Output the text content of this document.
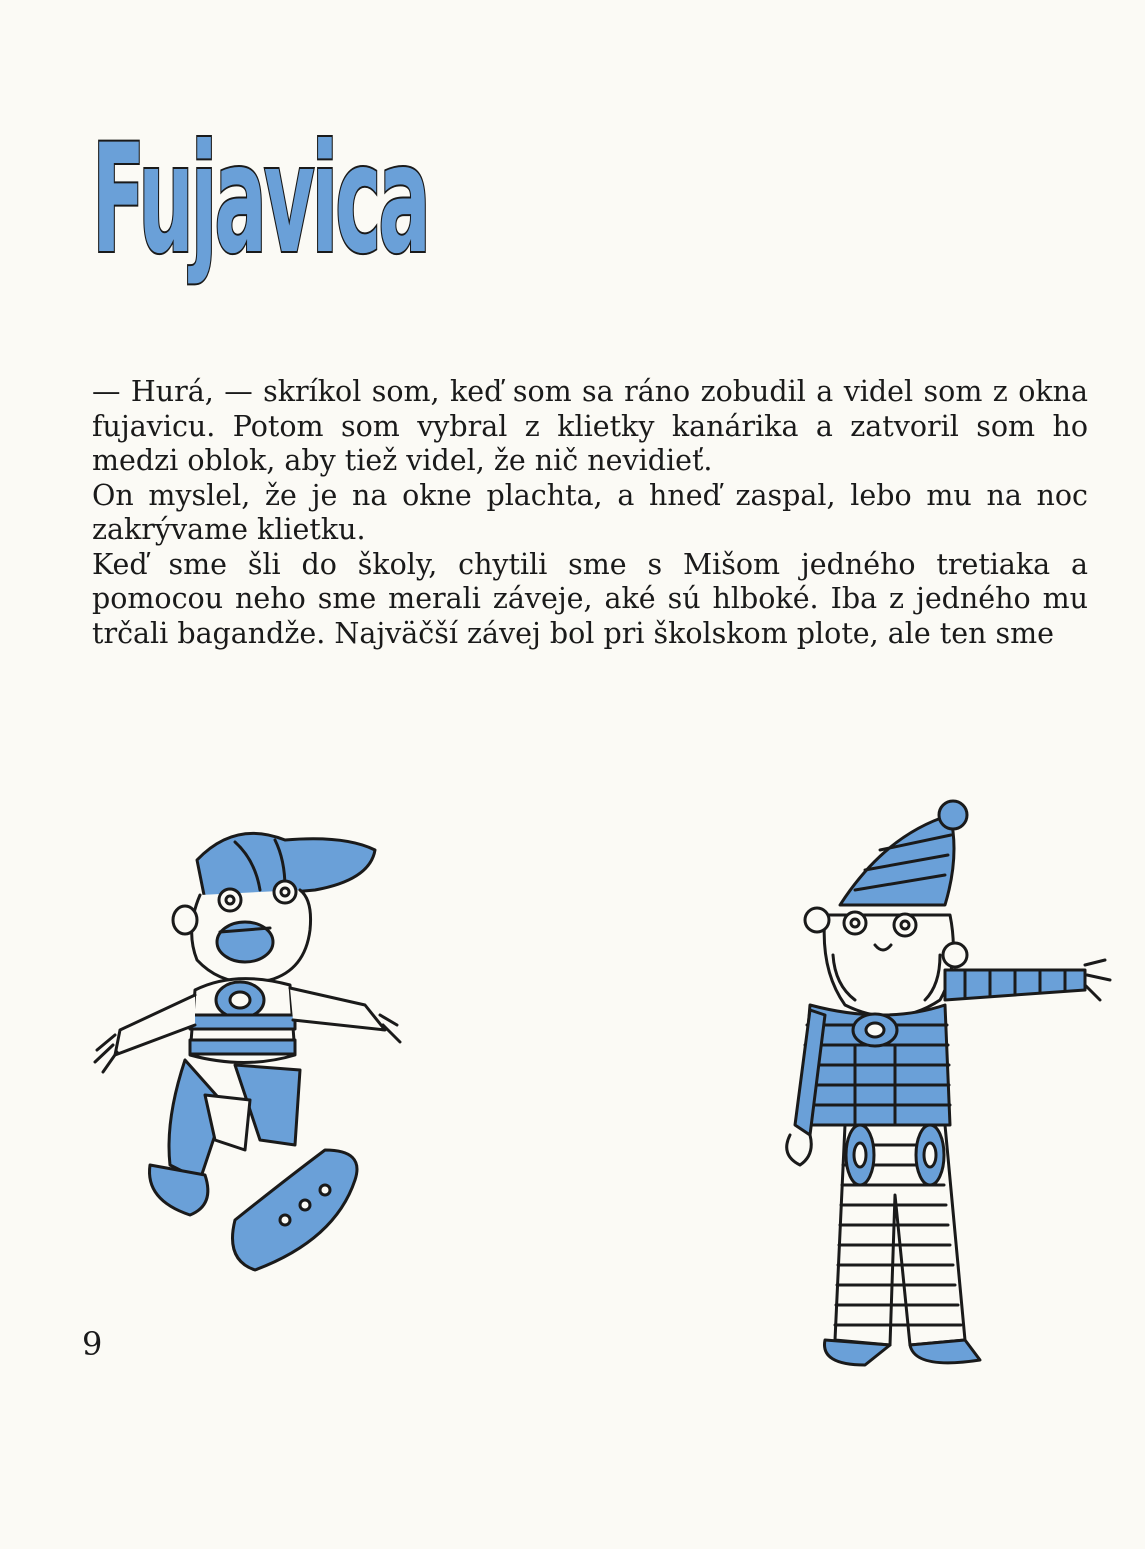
Fujavica

— Hurá, — skríkol som, keď som sa ráno zobudil a videl som z okna fujavicu. Potom som vybral z klietky kanárika a zatvoril som ho medzi oblok, aby tiež videl, že nič nevidieť.

On myslel, že je na okne plachta, a hneď zaspal, lebo mu na noc zakrývame klietku.

Keď sme šli do školy, chytili sme s Mišom jedného tretiaka a pomocou neho sme merali záveje, aké sú hlboké. Iba z jedného mu trčali bagandže. Najväčší závej bol pri školskom plote, ale ten sme

9
